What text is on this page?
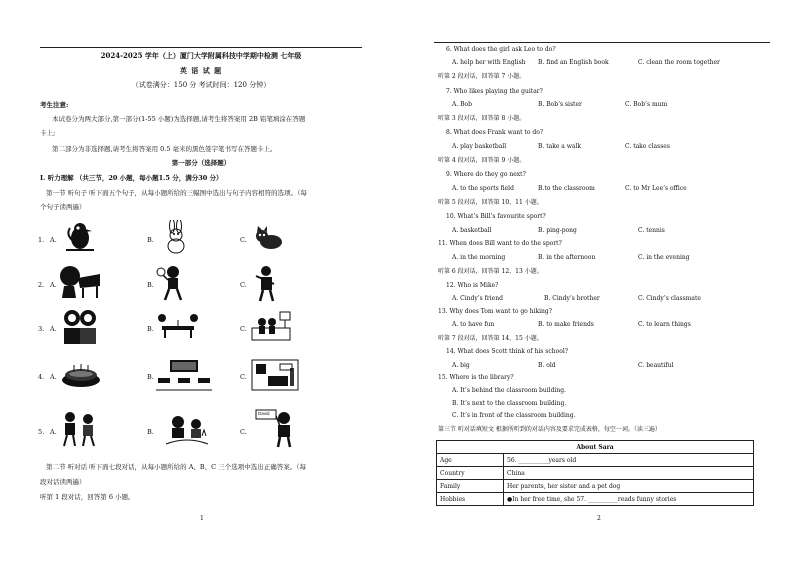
2024-2025 学年（上）厦门大学附属科技中学期中检测 七年级
英 语 试 题
（试卷满分：150 分 考试时间：120 分钟）
考生注意:
本试卷分为两大部分,第一部分(1-55 小题)为选择题,请考生将答案用 2B 铅笔填涂在答题
卡上;
第二部分为非选择题,请考生将答案用 0.5 毫米的黑色签字笔书写在答题卡上。
第一部分（选择题）
I. 听力理解 （共三节，20 小题，每小题1.5 分，满分30 分）
第一节 听句子 听下面五个句子，从每小题所给的三幅图中选出与句子内容相符的选项。（每
个句子读两遍）
1. A.	B.	C.
2. A.	B.	C.
3. A.	B.	C.
4. A.	B.	C.
5. A.	B.	C.
David
第二节 听对话 听下面七段对话，从每小题所给的 A、B、C 三个选项中选出正确答案。（每
段对话读两遍）
听第 1 段对话，回答第 6 小题。
1
6. What does the girl ask Leo to do?
A. help her with English B. find an English book	C. clean the room together
听第 2 段对话，回答第 7 小题。
7. Who likes playing the guitar?
A. Bob	B. Bob’s sister	C. Bob’s mum
听第 3 段对话，回答第 8 小题。
8. What does Frank want to do?
A. play basketball	B. take a walk	C. take classes
听第 4 段对话，回答第 9 小题。
9. Where do they go next?
A. to the sports field	B.to the classroom	C. to Mr Lee’s office
听第 5 段对话，回答第 10、11 小题。
10. What’s Bill’s favourite sport?
A. basketball	B. ping-pong	C. tennis
11. When does Bill want to do the sport?
A. in the morning	B. in the afternoon	C. in the evening
听第 6 段对话，回答第 12、13 小题。
12. Who is Mike?
A. Cindy’s friend	B. Cindy’s brother	C. Cindy’s classmate
13. Why does Tom want to go hiking?
A. to have fun	B. to make friends	C. to learn things
听第 7 段对话，回答第 14、15 小题。
14. What does Scott think of his school?
A. big	B. old	C. beautiful
15. Where is the library?
A. It’s behind the classroom building.
B. It’s next to the classroom building.
C. It’s in front of the classroom building.
第三节 听对话填短文 根据所听到的对话内容及要求完成表格，每空一词。（读三遍）
About Sara	
Age	56. __________years old
Country	China
Family	Her parents, her sister and a pet dog
Hobbies	●In her free time, she 57. __________reads funny stories
2
